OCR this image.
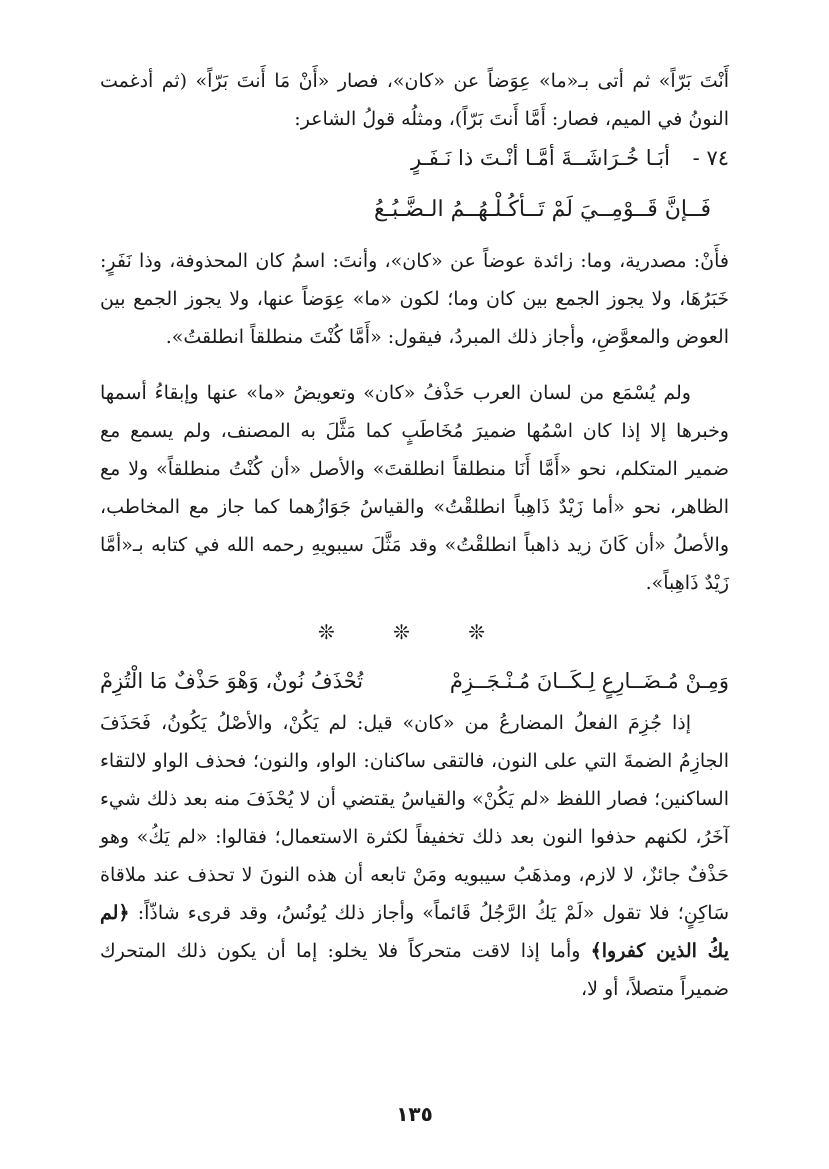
أَنْتَ بَرّاً» ثم أتى بـ«ما» عِوَضاً عن «كان»، فصار «أَنْ مَا أَنتَ بَرّاً» (ثم أدغمت النونُ في الميم، فصار: أَمَّا أَنتَ بَرّاً)، ومثلُه قولُ الشاعر:

٧٤ - أبَـا خُـرَاشَــةَ أمَّـا أنْـتَ ذا نَـفَـرٍ
فَــإنَّ قَــوْمِــيَ لَمْ تَــأكُـلْـهُــمُ الـضَّـبُـعُ

فأَنْ: مصدرية، وما: زائدة عوضاً عن «كان»، وأنتَ: اسمُ كان المحذوفة، وذا نَفَرٍ: خَبَرُهَا، ولا يجوز الجمع بين كان وما؛ لكون «ما» عِوَضاً عنها، ولا يجوز الجمع بين العوض والمعوَّضِ، وأجاز ذلك المبردُ، فيقول: «أَمَّا كُنْتَ منطلقاً انطلقتُ».

ولم يُسْمَع من لسان العرب حَذْفُ «كان» وتعويضُ «ما» عنها وإبقاءُ أسمها وخبرها إلا إذا كان اسْمُها ضميرَ مُخَاطَبٍ كما مَثَّلَ به المصنف، ولم يسمع مع ضمير المتكلم، نحو «أَمَّا أَنَا منطلقاً انطلقتَ» والأصل «أن كُنْتُ منطلقاً» ولا مع الظاهر، نحو «أما زَيْدٌ ذَاهِباً انطلقْتُ» والقياسُ جَوَازُهما كما جاز مع المخاطب، والأصلُ «أن كَانَ زيد ذاهباً انطلقْتُ» وقد مَثَّلَ سيبويهِ رحمه الله في كتابه بـ«أمَّا زَيْدٌ ذَاهِباً».

❊ ❊ ❊
وَمِـنْ مُـضَــارِعٍ لِـكَــانَ مُـنْـجَــزِمْ
تُحْذَفُ نُونٌ، وَهْوَ حَذْفٌ مَا الْتُزِمْ

إذا جُزِمَ الفعلُ المضارعُ من «كان» قيل: لم يَكُنْ، والأصْلُ يَكُونُ، فَحَذَفَ الجازِمُ الضمةَ التي على النون، فالتقى ساكنان: الواو، والنون؛ فحذف الواو لالتقاء الساكنين؛ فصار اللفظ «لم يَكُنْ» والقياسُ يقتضي أن لا يُحْذَفَ منه بعد ذلك شيء آخَرُ، لكنهم حذفوا النون بعد ذلك تخفيفاً لكثرة الاستعمال؛ فقالوا: «لم يَكُ» وهو حَذْفٌ جائزٌ، لا لازم، ومذهَبُ سيبويه ومَنْ تابعه أن هذه النونَ لا تحذف عند ملاقاة سَاكِنٍ؛ فلا تقول «لَمْ يَكُ الرَّجُلُ قَائماً» وأجاز ذلك يُونُسُ، وقد قرىء شاذّاً: ﴿لم يكُ الذين كفروا﴾ وأما إذا لاقت متحركاً فلا يخلو: إما أن يكون ذلك المتحرك ضميراً متصلاً، أو لا،

١٣٥
